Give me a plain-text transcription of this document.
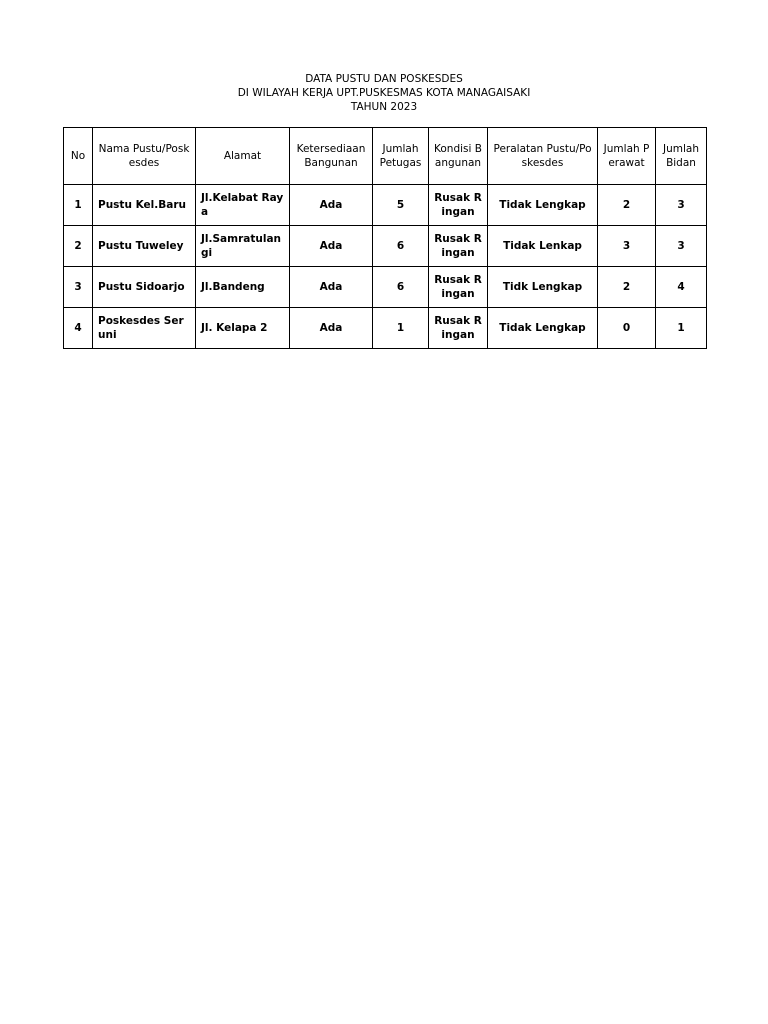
DATA PUSTU DAN POSKESDES
DI WILAYAH KERJA UPT.PUSKESMAS KOTA MANAGAISAKI
TAHUN 2023
No	Nama Pustu/Poskesdes	Alamat	Ketersediaan Bangunan	Jumlah Petugas	Kondisi Bangunan	Peralatan Pustu/Poskesdes	Jumlah Perawat	Jumlah Bidan
1	Pustu Kel.Baru	Jl.Kelabat Raya	Ada	5	Rusak Ringan	Tidak Lengkap	2	3
2	Pustu Tuweley	Jl.Samratulangi	Ada	6	Rusak Ringan	Tidak Lenkap	3	3
3	Pustu Sidoarjo	Jl.Bandeng	Ada	6	Rusak Ringan	Tidk Lengkap	2	4
4	Poskesdes Seruni	Jl. Kelapa 2	Ada	1	Rusak Ringan	Tidak Lengkap	0	1
